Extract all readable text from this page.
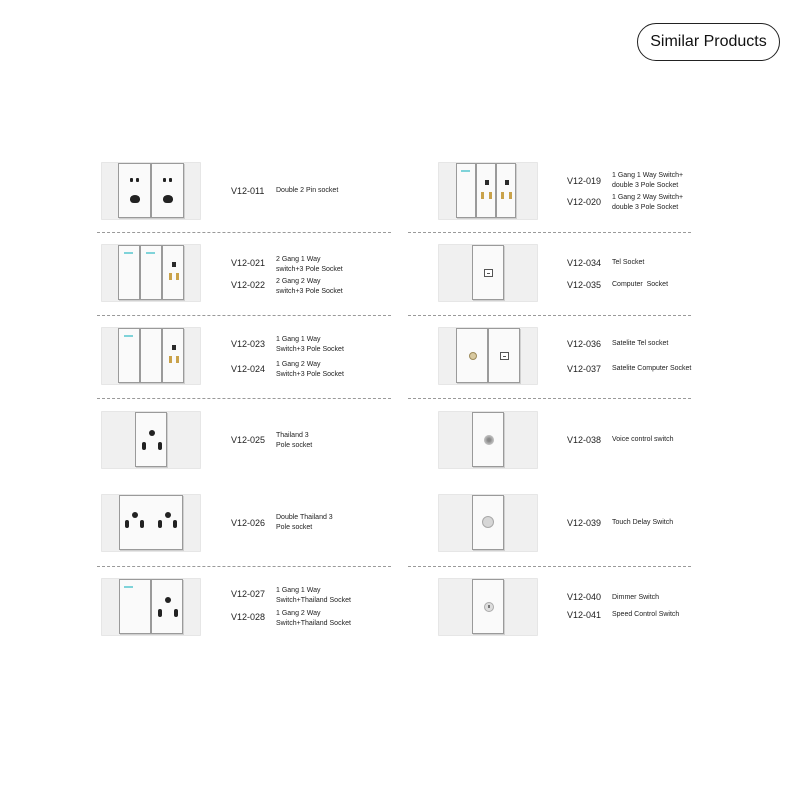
Similar Products
V12-011 Double 2 Pin socket
V12-021 2 Gang 1 Way
switch+3 Pole Socket
V12-022 2 Gang 2 Way
switch+3 Pole Socket
V12-023 1 Gang 1 Way
Switch+3 Pole Socket
V12-024 1 Gang 2 Way
Switch+3 Pole Socket
V12-025 Thailand 3
Pole socket
V12-026
Double Thailand 3
Pole socket
V12-027 1 Gang 1 Way
Switch+Thailand Socket
V12-028 1 Gang 2 Way
Switch+Thailand Socket
V12-019
1 Gang 1 Way Switch+
double 3 Pole Socket
V12-020 1 Gang 2 Way Switch+
double 3 Pole Socket
V12-034 Tel Socket
V12-035 Computer  Socket
V12-036 Satelite Tel socket
V12-037 Satelite Computer Socket
V12-038 Voice control switch
V12-039 Touch Delay Switch
V12-040 Dimmer Switch
V12-041 Speed Control Switch
